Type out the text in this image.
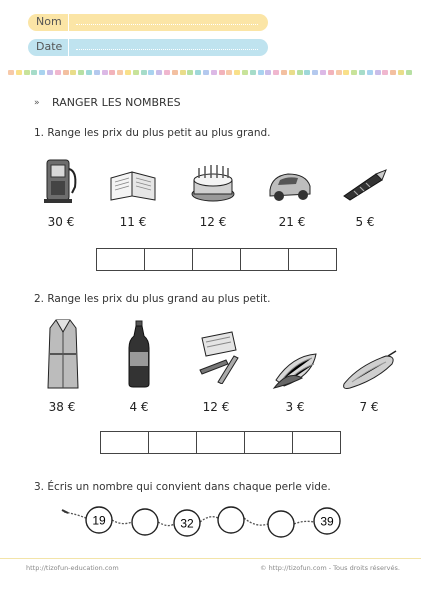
Nom
Date
» RANGER LES NOMBRES
1. Range les prix du plus petit au plus grand.
30 €	11 €	12 €	21 €	5 €
2. Range les prix du plus grand au plus petit.
38 €	4 €	12 €	3 €	7 €
3. Écris un nombre qui convient dans chaque perle vide.
19	32	39
http://tizofun-education.com	© http://tizofun.com - Tous droits réservés.
